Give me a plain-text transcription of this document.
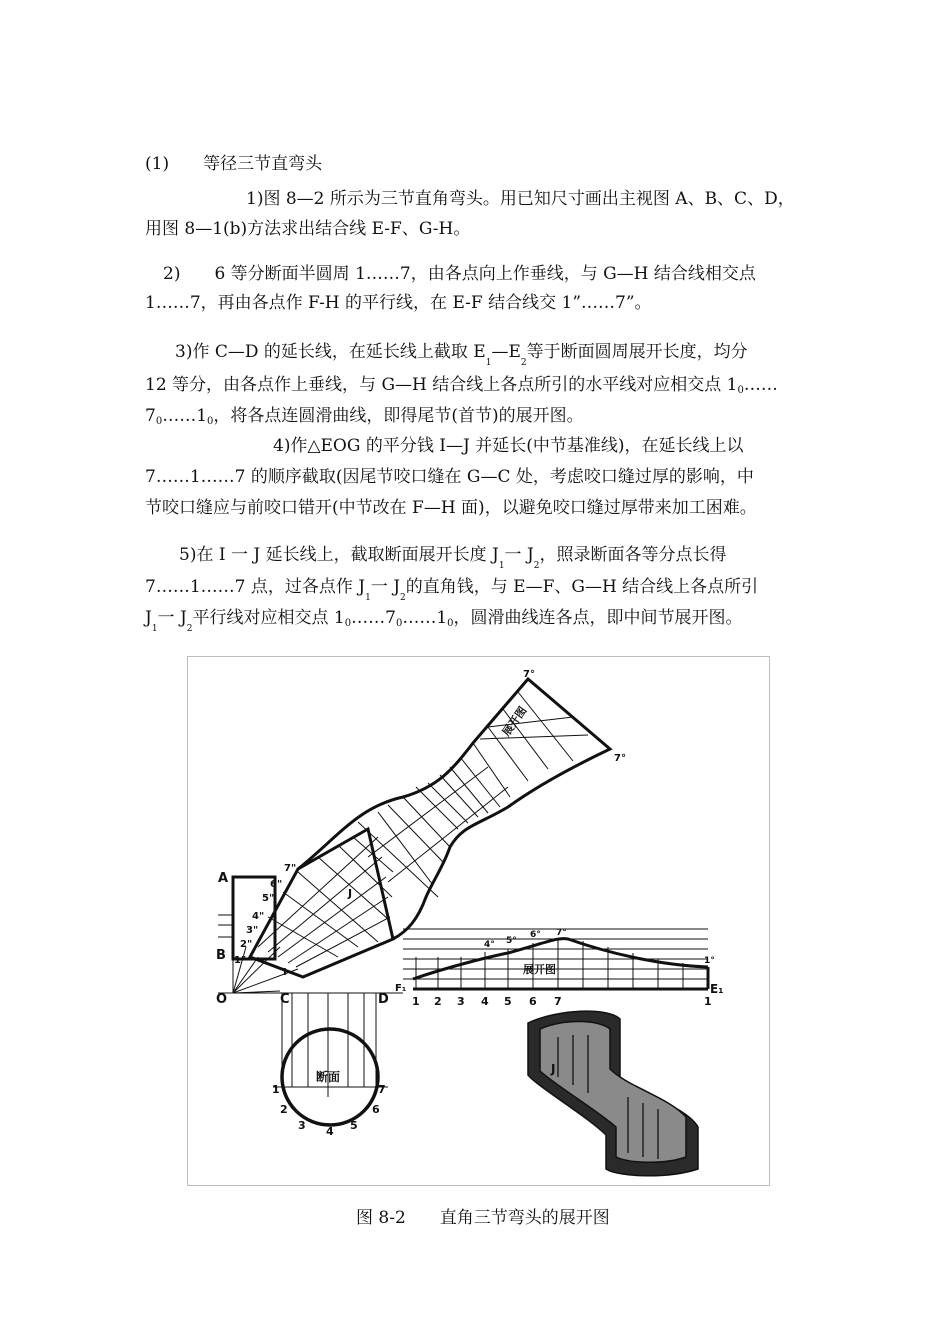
(1)　　等径三节直弯头
1)图 8—2 所示为三节直角弯头。用已知尺寸画出主视图 A、B、C、D，
用图 8—1(b)方法求出结合线 E-F、G-H。
2)　　6 等分断面半圆周 1……7，由各点向上作垂线，与 G—H 结合线相交点
1……7，再由各点作 F-H 的平行线，在 E-F 结合线交 1”……7”。
3)作 C—D 的延长线，在延长线上截取 $E_1—E_2$等于断面圆周展开长度，均分
12 等分，由各点作上垂线，与 G—H 结合线上各点所引的水平线对应相交点 10……
70……10，将各点连圆滑曲线，即得尾节(首节)的展开图。
4)作△EOG 的平分钱 I—J 并延长(中节基准线)，在延长线上以
7……1……7 的顺序截取(因尾节咬口缝在 G—C 处，考虑咬口缝过厚的影响，中
节咬口缝应与前咬口错开(中节改在 F—H 面)，以避免咬口缝过厚带来加工困难。
5)在 I 一 J 延长线上，截取断面展开长度 $J_1$一 $J_2$，照录断面各等分点长得
7……1……7 点，过各点作 $J_1$一 $J_2$的直角钱，与 E—F、G—H 结合线上各点所引
$J_1$一 $J_2$平行线对应相交点 10……70……10，圆滑曲线连各点，即中间节展开图。
A
B
C	D
O
E₁
F₁
断面
展开图
展开图
7°
7°
1 2 3 4 5 6 7	1
1°
4° 5°
6° 7°
1
2
3 4 5
6
7
2"
3"
4"
5"
6"
7"
1"
J
I
J
图 8-2　　直角三节弯头的展开图
